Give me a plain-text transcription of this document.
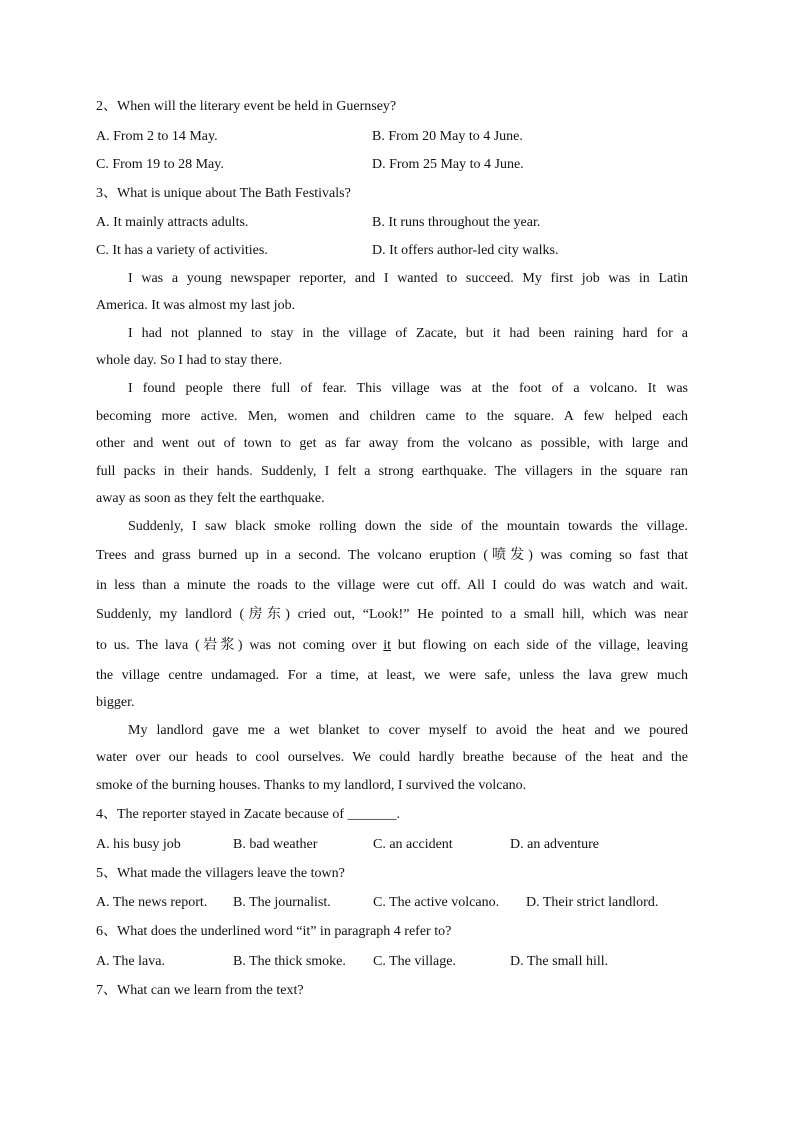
2、When will the literary event be held in Guernsey?
A. From 2 to 14 May.	B. From 20 May to 4 June.
C. From 19 to 28 May.	D. From 25 May to 4 June.
3、What is unique about The Bath Festivals?
A. It mainly attracts adults.	B. It runs throughout the year.
C. It has a variety of activities.	D. It offers author-led city walks.
I was a young newspaper reporter, and I wanted to succeed. My first job was in Latin
America. It was almost my last job.
I had not planned to stay in the village of Zacate, but it had been raining hard for a
whole day. So I had to stay there.
I found people there full of fear. This village was at the foot of a volcano. It was
becoming more active. Men, women and children came to the square. A few helped each
other and went out of town to get as far away from the volcano as possible, with large and
full packs in their hands. Suddenly, I felt a strong earthquake. The villagers in the square ran
away as soon as they felt the earthquake.
Suddenly, I saw black smoke rolling down the side of the mountain towards the village.
Trees and grass burned up in a second. The volcano eruption (喷发) was coming so fast that
in less than a minute the roads to the village were cut off. All I could do was watch and wait.
Suddenly, my landlord (房东) cried out, “Look!” He pointed to a small hill, which was near
to us. The lava (岩浆) was not coming over it but flowing on each side of the village, leaving
the village centre undamaged. For a time, at least, we were safe, unless the lava grew much
bigger.
My landlord gave me a wet blanket to cover myself to avoid the heat and we poured
water over our heads to cool ourselves. We could hardly breathe because of the heat and the
smoke of the burning houses. Thanks to my landlord, I survived the volcano.
4、The reporter stayed in Zacate because of _______.
A. his busy job	B. bad weather	C. an accident	D. an adventure
5、What made the villagers leave the town?
A. The news report. B. The journalist.	C. The active volcano. D. Their strict landlord.
6、What does the underlined word “it” in paragraph 4 refer to?
A. The lava.	B. The thick smoke. C. The village.	D. The small hill.
7、What can we learn from the text?
